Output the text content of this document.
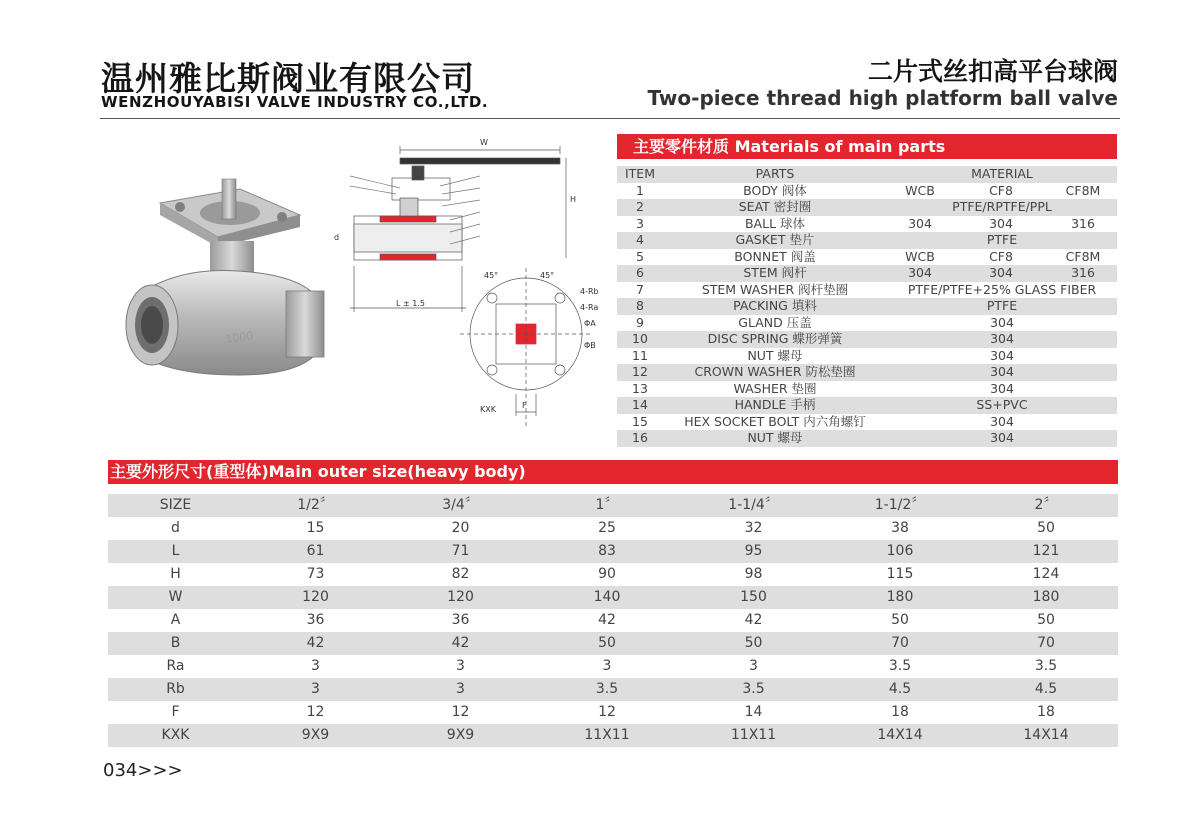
温州雅比斯阀业有限公司
WENZHOUYABISI VALVE INDUSTRY CO.,LTD.
二片式丝扣高平台球阀
Two-piece thread high platform ball valve
1000
W
H
L ± 1.5
d
45°	45°
4-Rb
4-Ra
ΦA
ΦB
F
KXK
主要零件材质 Materials of main parts
ITEM	PARTS	MATERIAL		
1	BODY 阀体	WCB	CF8	CF8M
2	SEAT 密封圈	PTFE/RPTFE/PPL		
3	BALL 球体	304	304	316
4	GASKET 垫片	PTFE		
5	BONNET 阀盖	WCB	CF8	CF8M
6	STEM 阀杆	304	304	316
7	STEM WASHER 阀杆垫圈	PTFE/PTFE+25% GLASS FIBER		
8	PACKING 填料	PTFE		
9	GLAND 压盖	304		
10	DISC SPRING 蝶形弹簧	304		
11	NUT 螺母	304		
12	CROWN WASHER 防松垫圈	304		
13	WASHER 垫圈	304		
14	HANDLE 手柄	SS+PVC		
15	HEX SOCKET BOLT 内六角螺钉	304		
16	NUT 螺母	304		
主要外形尺寸(重型体)Main outer size(heavy body)
SIZE	1/2〞	3/4〞	1〞	1-1/4〞	1-1/2〞	2〞
d	15	20	25	32	38	50
L	61	71	83	95	106	121
H	73	82	90	98	115	124
W	120	120	140	150	180	180
A	36	36	42	42	50	50
B	42	42	50	50	70	70
Ra	3	3	3	3	3.5	3.5
Rb	3	3	3.5	3.5	4.5	4.5
F	12	12	12	14	18	18
KXK	9X9	9X9	11X11	11X11	14X14	14X14
034>>>
